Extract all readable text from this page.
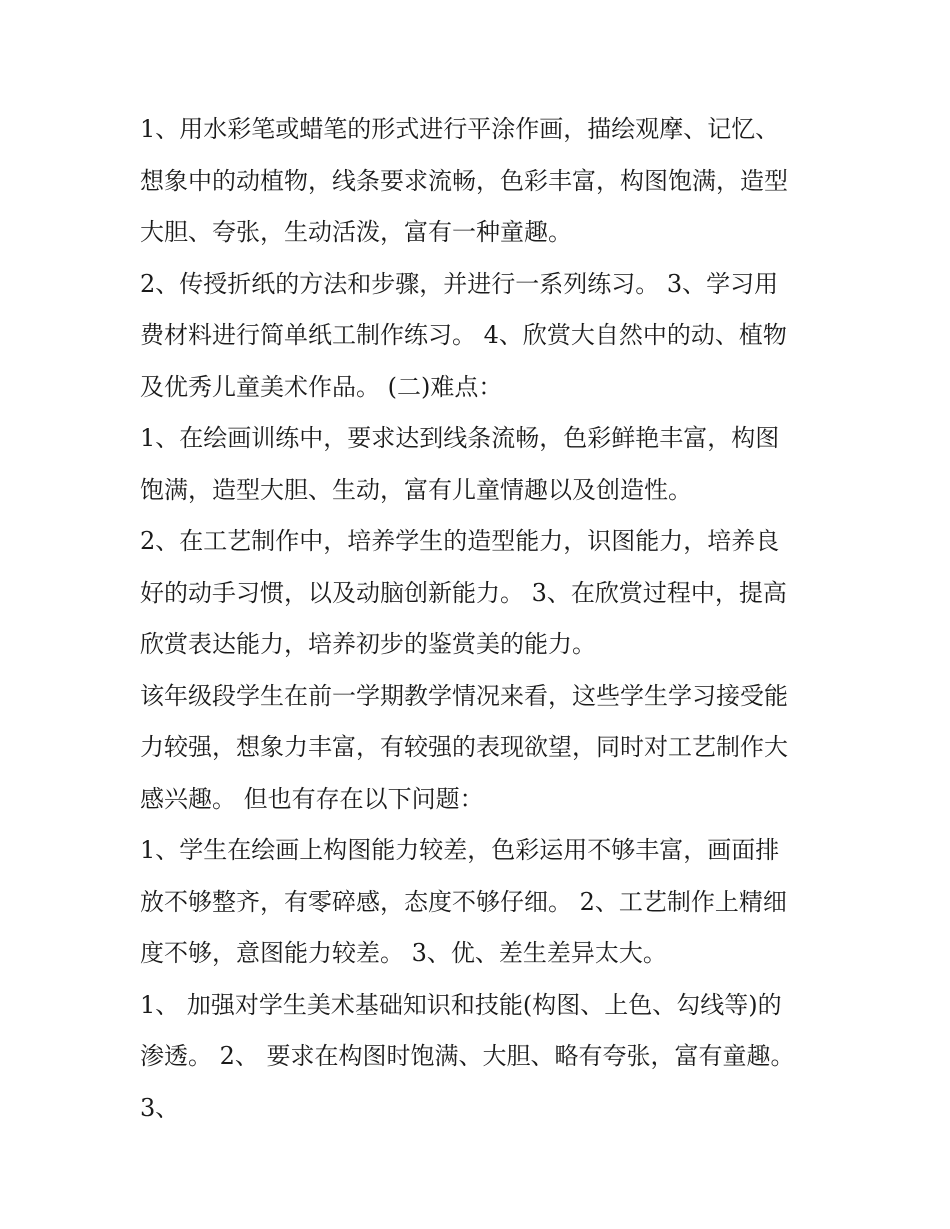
1、用水彩笔或蜡笔的形式进行平涂作画，描绘观摩、记忆、
想象中的动植物，线条要求流畅，色彩丰富，构图饱满，造型
大胆、夸张，生动活泼，富有一种童趣。
2、传授折纸的方法和步骤，并进行一系列练习。 3、学习用
费材料进行简单纸工制作练习。 4、欣赏大自然中的动、植物
及优秀儿童美术作品。 (二)难点：
1、在绘画训练中，要求达到线条流畅，色彩鲜艳丰富，构图
饱满，造型大胆、生动，富有儿童情趣以及创造性。
2、在工艺制作中，培养学生的造型能力，识图能力，培养良
好的动手习惯，以及动脑创新能力。 3、在欣赏过程中，提高
欣赏表达能力，培养初步的鉴赏美的能力。
该年级段学生在前一学期教学情况来看，这些学生学习接受能
力较强，想象力丰富，有较强的表现欲望，同时对工艺制作大
感兴趣。 但也有存在以下问题：
1、学生在绘画上构图能力较差，色彩运用不够丰富，画面排
放不够整齐，有零碎感，态度不够仔细。 2、工艺制作上精细
度不够，意图能力较差。 3、优、差生差异太大。
1、 加强对学生美术基础知识和技能(构图、上色、勾线等)的
渗透。 2、 要求在构图时饱满、大胆、略有夸张，富有童趣。
3、
